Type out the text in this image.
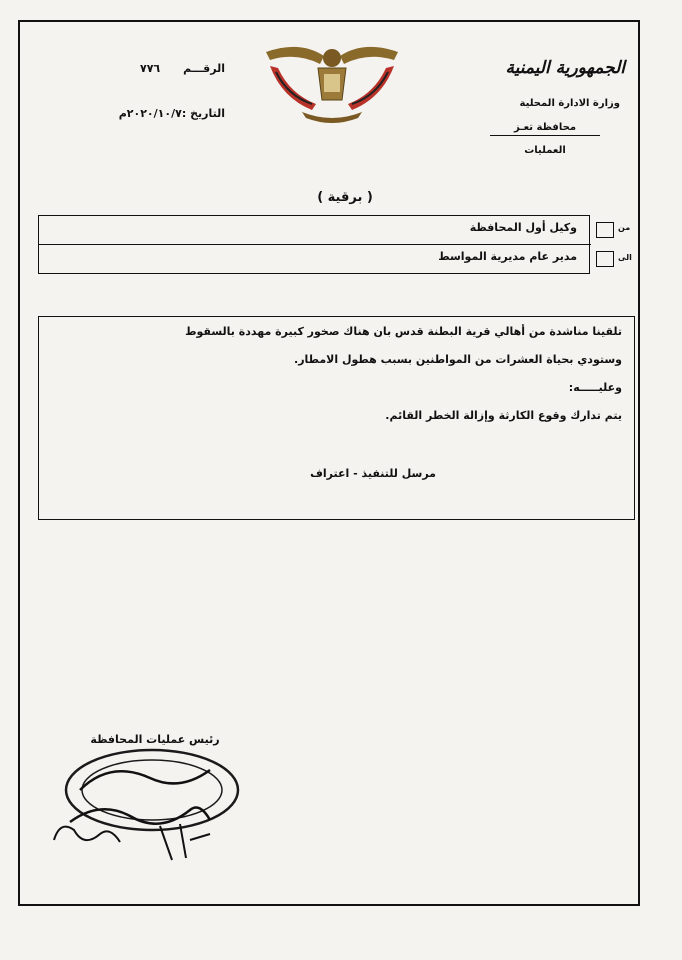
الجمهورية اليمنية
وزارة الادارة المحلية
محافظة تعـز
العمليات
الرقـــم      ٧٧٦
التاريخ :٢٠٢٠/١٠/٧م
( برقية )
وكيل أول المحافظة
مدير عام مديرية المواسط
من
الى
تلقينا مناشدة من أهالي قرية البطنة قدس بان هناك صخور كبيرة مهددة بالسقوط
وستودي بحياة العشرات من المواطنين بسبب هطول الامطار.
وعليـــــه:
يتم تدارك وقوع الكارثة وإزالة الخطر القائم.
مرسل للتنفيذ - اعتراف
رئيس عمليات المحافظة
